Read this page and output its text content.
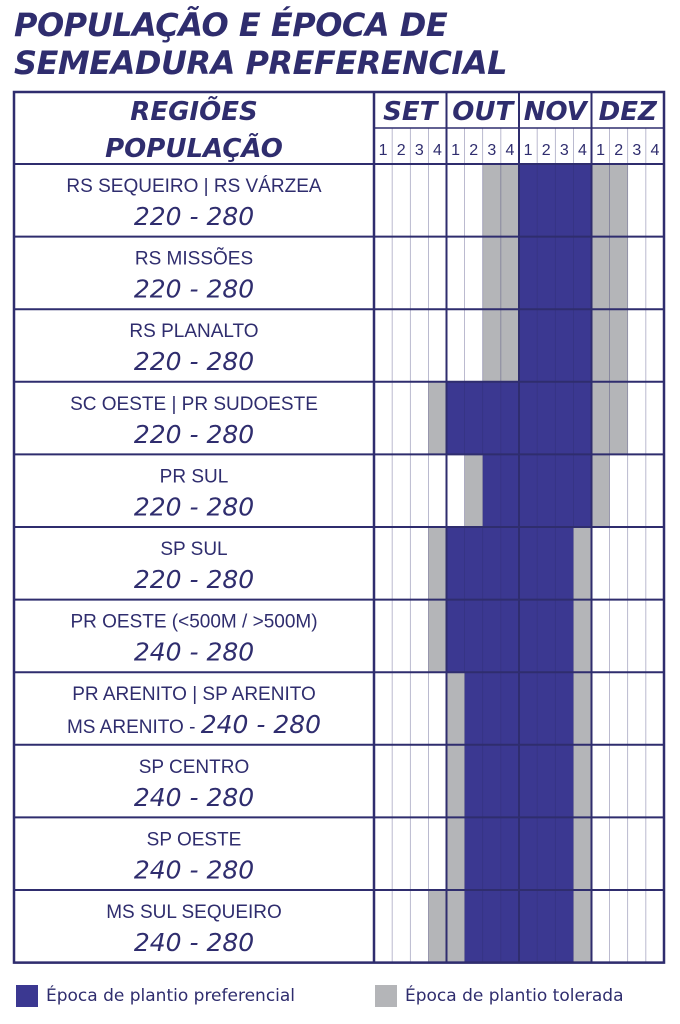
POPULAÇÃO E ÉPOCA DE
SEMEADURA PREFERENCIAL
REGIÕES
POPULAÇÃO
SET
1 2 3 4
OUT
1 2 3 4
NOV
1 2 3 4
DEZ
1 2 3 4
RS SEQUEIRO | RS VÁRZEA
220 - 280
RS MISSÕES
220 - 280
RS PLANALTO
220 - 280
SC OESTE | PR SUDOESTE
220 - 280
PR SUL
220 - 280
SP SUL
220 - 280
PR OESTE (<500M / >500M)
240 - 280
PR ARENITO | SP ARENITO
MS ARENITO - 240 - 280
SP CENTRO
240 - 280
SP OESTE
240 - 280
MS SUL SEQUEIRO
240 - 280
Época de plantio preferencial	Época de plantio tolerada
